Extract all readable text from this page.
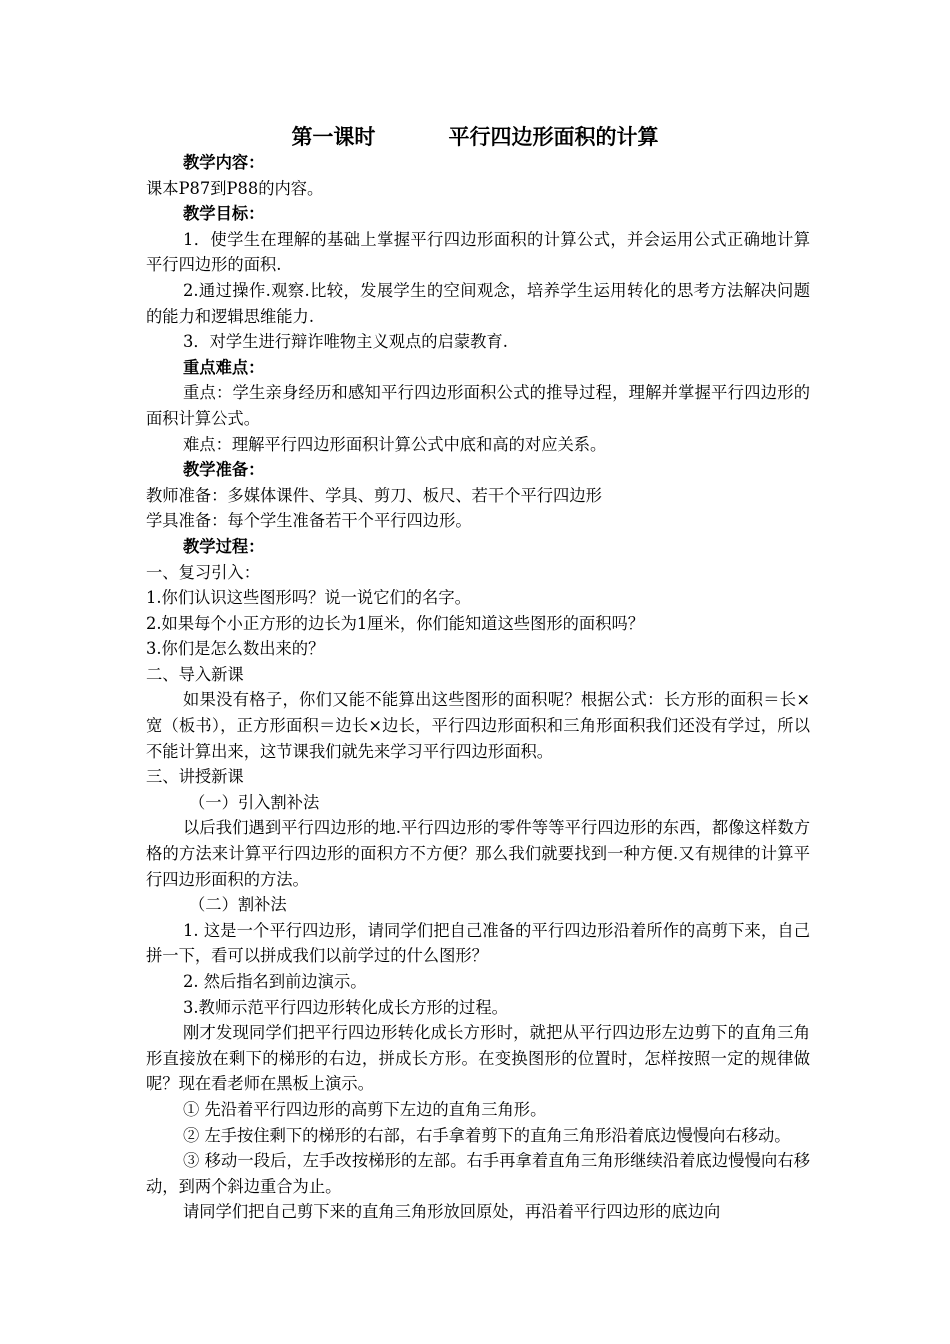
第一课时          平行四边形面积的计算

教学内容：

课本P87到P88的内容。

教学目标：

1．使学生在理解的基础上掌握平行四边形面积的计算公式，并会运用公式正确地计算平行四边形的面积.

2.通过操作.观察.比较，发展学生的空间观念，培养学生运用转化的思考方法解决问题的能力和逻辑思维能力.

3．对学生进行辩诈唯物主义观点的启蒙教育.

重点难点：

重点：学生亲身经历和感知平行四边形面积公式的推导过程，理解并掌握平行四边形的面积计算公式。

难点：理解平行四边形面积计算公式中底和高的对应关系。

教学准备：

教师准备：多媒体课件、学具、剪刀、板尺、若干个平行四边形

学具准备：每个学生准备若干个平行四边形。

教学过程：

一、复习引入：

1.你们认识这些图形吗？说一说它们的名字。

2.如果每个小正方形的边长为1厘米，你们能知道这些图形的面积吗？

3.你们是怎么数出来的？

二、导入新课

如果没有格子，你们又能不能算出这些图形的面积呢？根据公式：长方形的面积＝长×宽（板书），正方形面积＝边长×边长，平行四边形面积和三角形面积我们还没有学过，所以不能计算出来，这节课我们就先来学习平行四边形面积。

三、讲授新课

（一）引入割补法

以后我们遇到平行四边形的地.平行四边形的零件等等平行四边形的东西，都像这样数方格的方法来计算平行四边形的面积方不方便？那么我们就要找到一种方便.又有规律的计算平行四边形面积的方法。

（二）割补法

1. 这是一个平行四边形，请同学们把自己准备的平行四边形沿着所作的高剪下来，自己拼一下，看可以拼成我们以前学过的什么图形？

2. 然后指名到前边演示。

3.教师示范平行四边形转化成长方形的过程。

刚才发现同学们把平行四边形转化成长方形时，就把从平行四边形左边剪下的直角三角形直接放在剩下的梯形的右边，拼成长方形。在变换图形的位置时，怎样按照一定的规律做呢？现在看老师在黑板上演示。

① 先沿着平行四边形的高剪下左边的直角三角形。

② 左手按住剩下的梯形的右部，右手拿着剪下的直角三角形沿着底边慢慢向右移动。

③ 移动一段后，左手改按梯形的左部。右手再拿着直角三角形继续沿着底边慢慢向右移动，到两个斜边重合为止。

请同学们把自己剪下来的直角三角形放回原处，再沿着平行四边形的底边向
